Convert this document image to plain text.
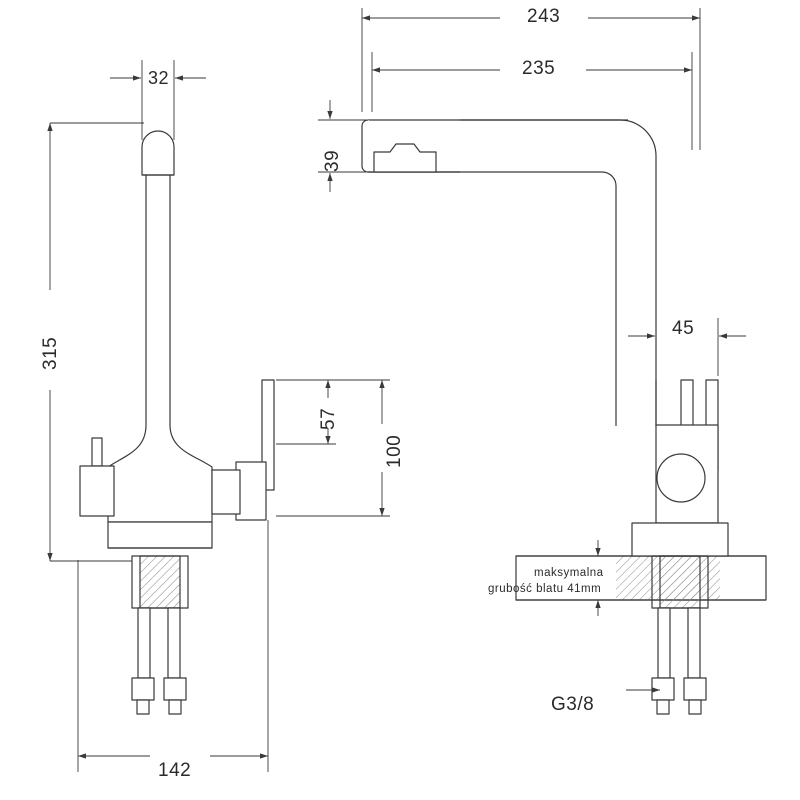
32
315
142
243
235
39
45
57
100
G3/8
maksymalna
grubość blatu 41mm
